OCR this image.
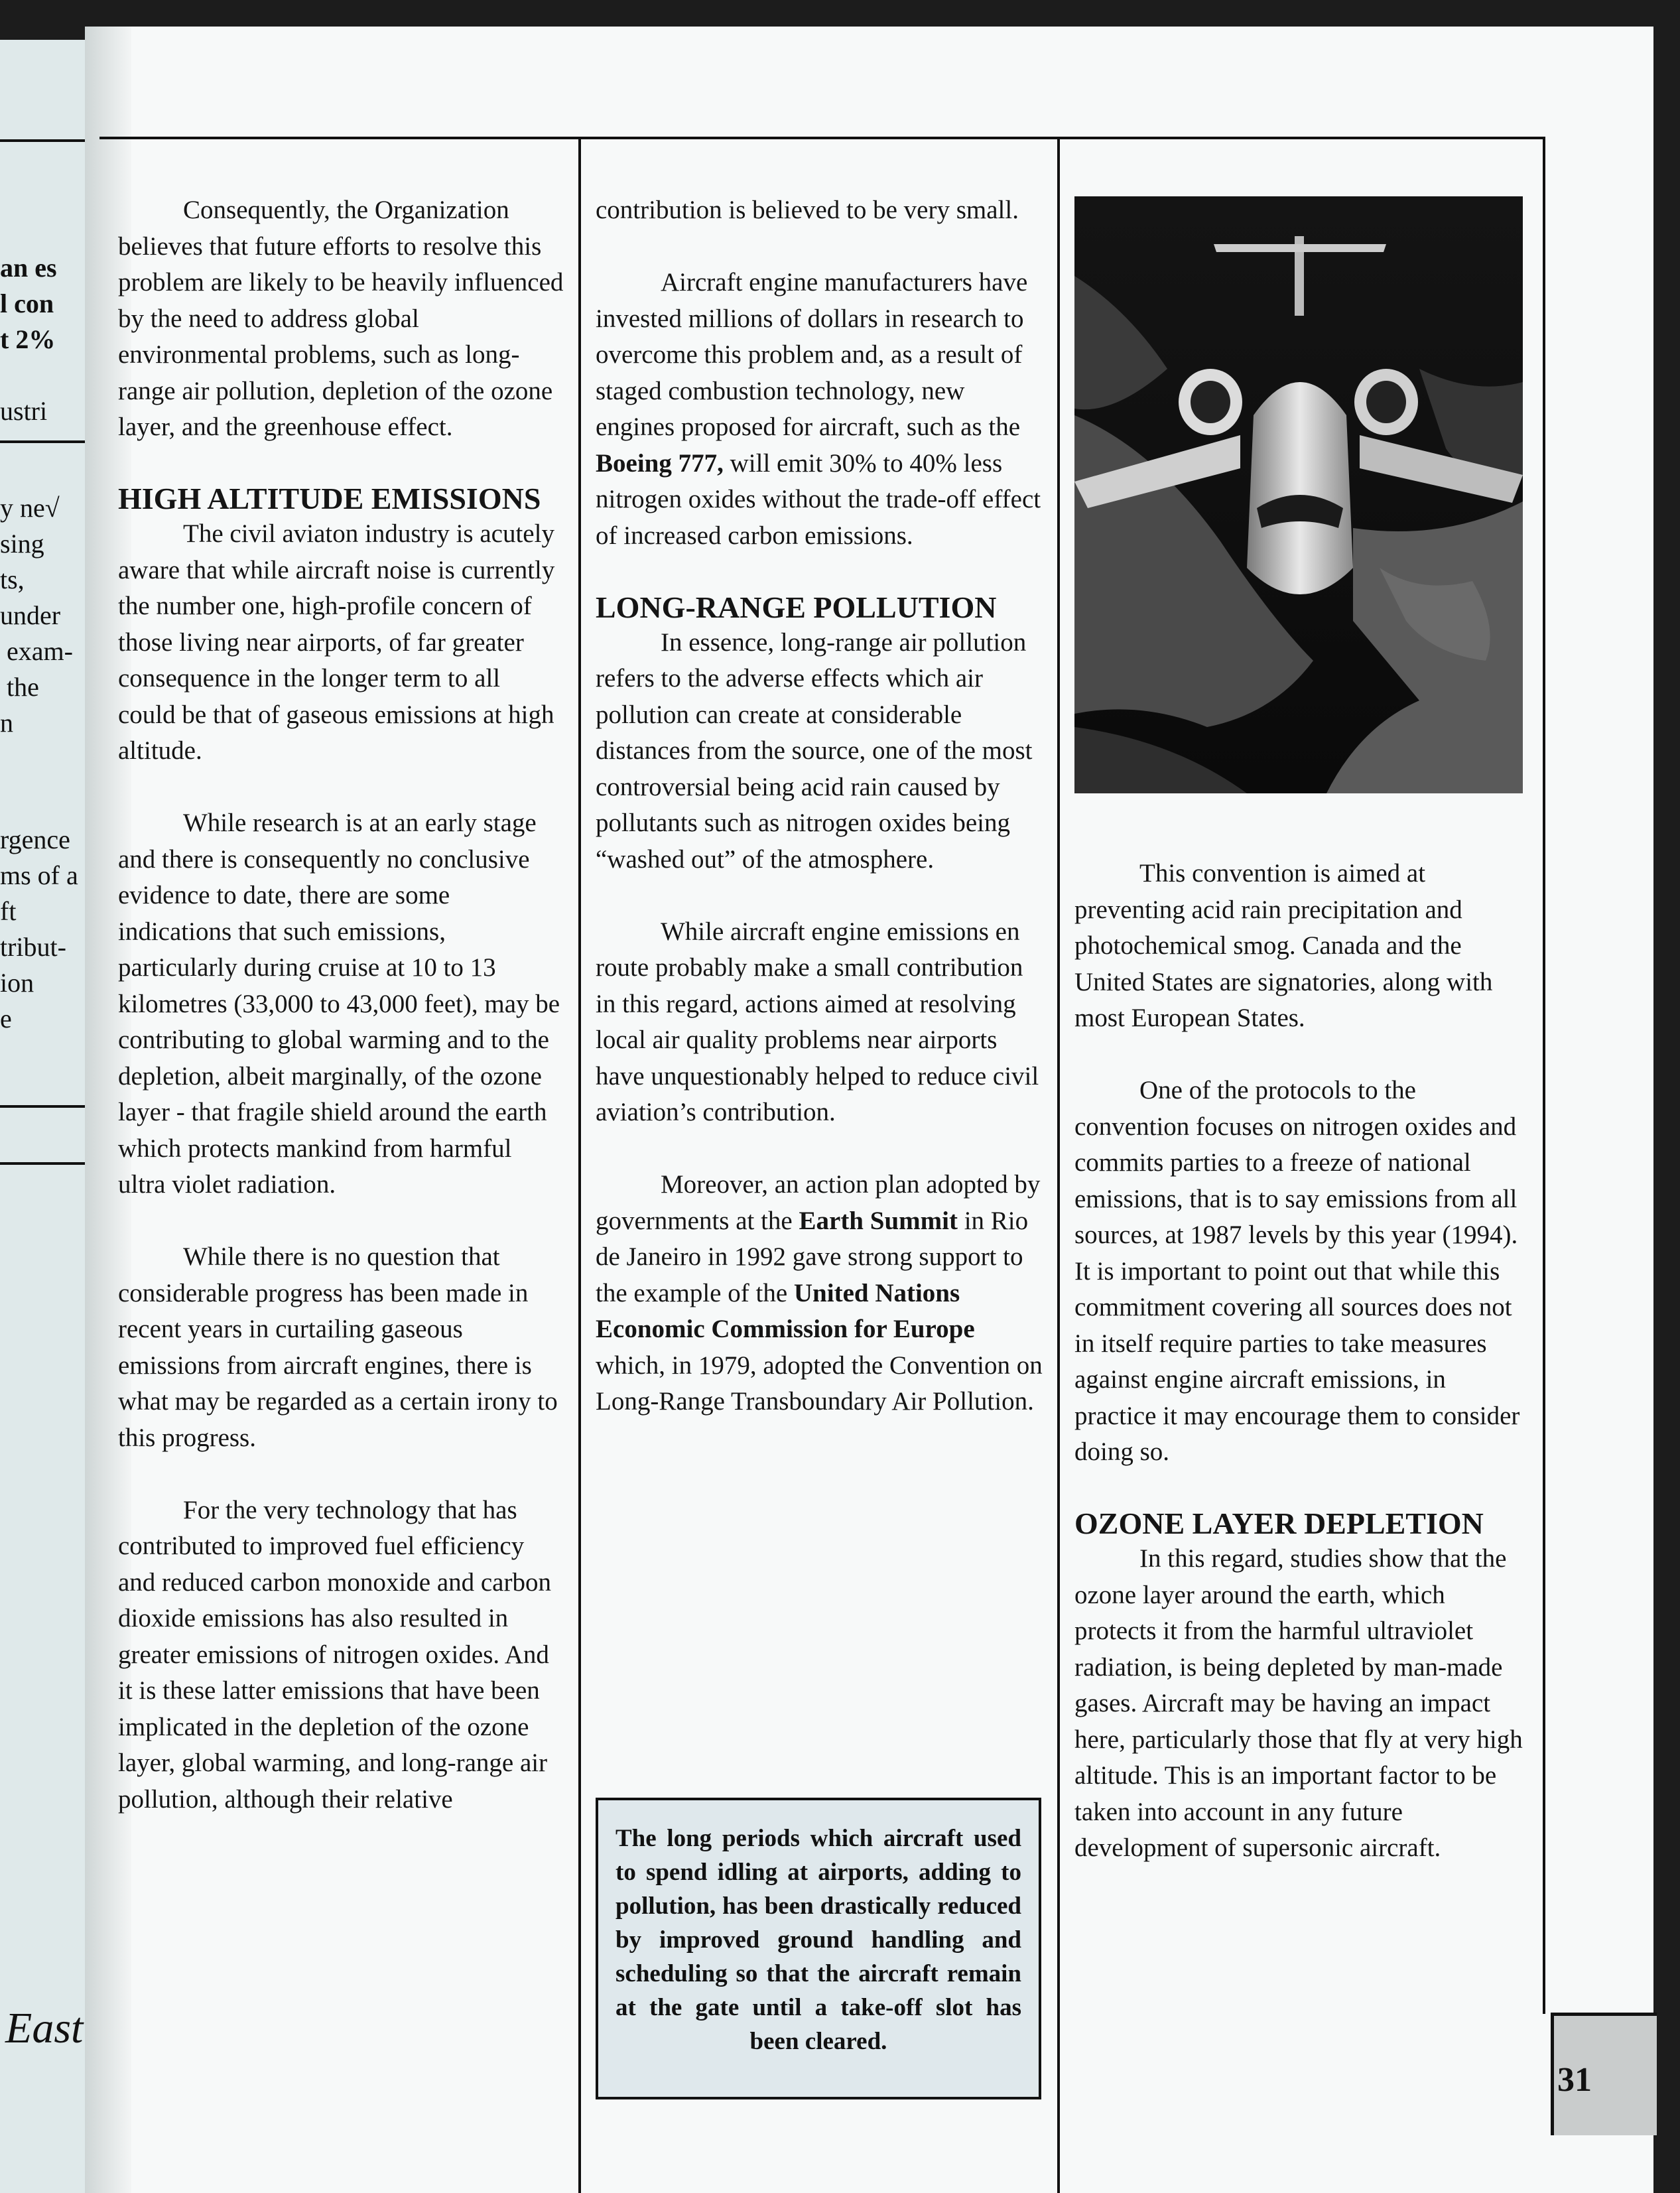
an es
l con
t 2%
ustri
y ne√
sing
ts,
under
exam-
the
n
rgence
ms of a
ft
tribut-
ion
e
East

Consequently, the Organization believes that future efforts to resolve this problem are likely to be heavily influenced by the need to address global environmental problems, such as long-range air pollution, depletion of the ozone layer, and the greenhouse effect.

HIGH ALTITUDE EMISSIONS

The civil aviaton industry is acutely aware that while aircraft noise is currently the number one, high-profile concern of those living near airports, of far greater consequence in the longer term to all could be that of gaseous emissions at high altitude.

While research is at an early stage and there is consequently no conclusive evidence to date, there are some indications that such emissions, particularly during cruise at 10 to 13 kilometres (33,000 to 43,000 feet), may be contributing to global warming and to the depletion, albeit marginally, of the ozone layer - that fragile shield around the earth which protects mankind from harmful ultra violet radiation.

While there is no question that considerable progress has been made in recent years in curtailing gaseous emissions from aircraft engines, there is what may be regarded as a certain irony to this progress.

For the very technology that has contributed to improved fuel efficiency and reduced carbon monoxide and carbon dioxide emissions has also resulted in greater emissions of nitrogen oxides. And it is these latter emissions that have been implicated in the depletion of the ozone layer, global warming, and long-range air pollution, although their relative

contribution is believed to be very small.

Aircraft engine manufacturers have invested millions of dollars in research to overcome this problem and, as a result of staged combustion technology, new engines proposed for aircraft, such as the Boeing 777, will emit 30% to 40% less nitrogen oxides without the trade-off effect of increased carbon emissions.

LONG-RANGE POLLUTION

In essence, long-range air pollution refers to the adverse effects which air pollution can create at considerable distances from the source, one of the most controversial being acid rain caused by pollutants such as nitrogen oxides being “washed out” of the atmosphere.

While aircraft engine emissions en route probably make a small contribution in this regard, actions aimed at resolving local air quality problems near airports have unquestionably helped to reduce civil aviation’s contribution.

Moreover, an action plan adopted by governments at the Earth Summit in Rio de Janeiro in 1992 gave strong support to the example of the United Nations Economic Commission for Europe which, in 1979, adopted the Convention on Long-Range Transboundary Air Pollution.

The long periods which aircraft used to spend idling at airports, adding to pollution, has been drastically reduced by improved ground handling and scheduling so that the aircraft remain at the gate until a take-off slot has been cleared.

This convention is aimed at preventing acid rain precipitation and photochemical smog. Canada and the United States are signatories, along with most European States.

One of the protocols to the convention focuses on nitrogen oxides and commits parties to a freeze of national emissions, that is to say emissions from all sources, at 1987 levels by this year (1994). It is important to point out that while this commitment covering all sources does not in itself require parties to take measures against engine aircraft emissions, in practice it may encourage them to consider doing so.

OZONE LAYER DEPLETION

In this regard, studies show that the ozone layer around the earth, which protects it from the harmful ultraviolet radiation, is being depleted by man-made gases. Aircraft may be having an impact here, particularly those that fly at very high altitude. This is an important factor to be taken into account in any future development of supersonic aircraft.

31
